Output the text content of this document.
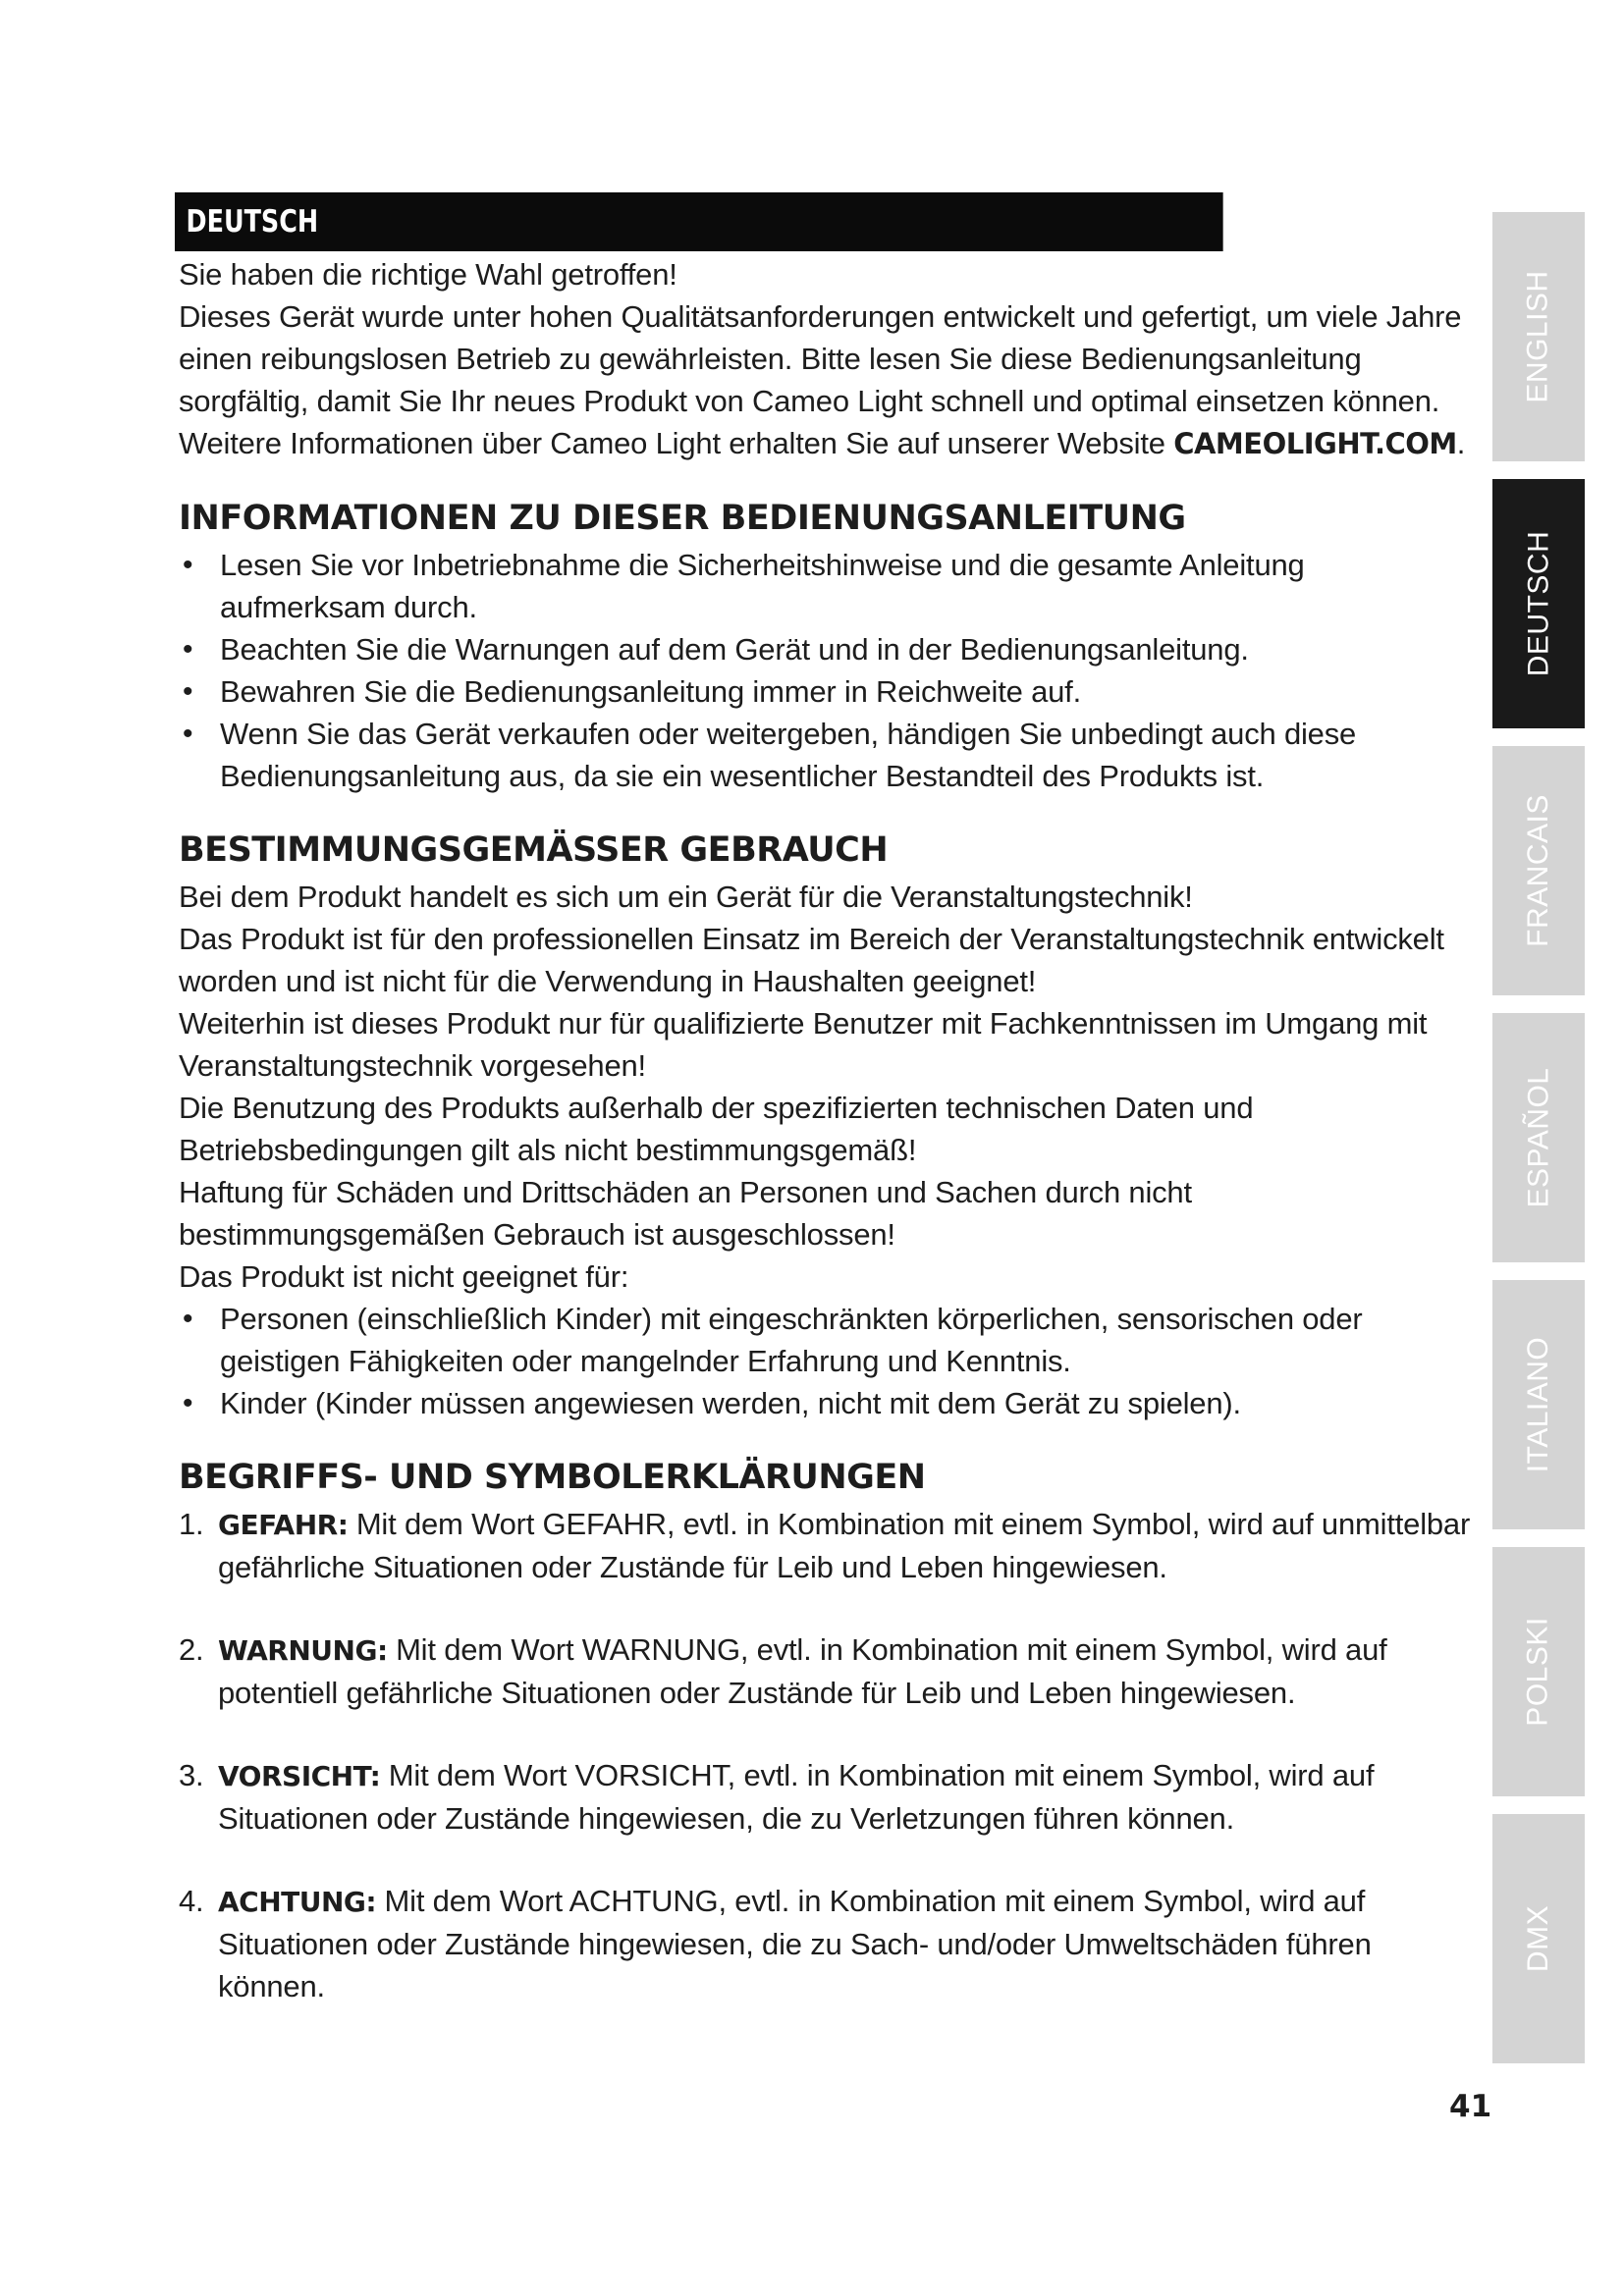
DEUTSCH

Sie haben die richtige Wahl getroffen!

Dieses Gerät wurde unter hohen Qualitätsanforderungen entwickelt und gefertigt, um viele Jahre einen reibungslosen Betrieb zu gewährleisten. Bitte lesen Sie diese Bedienungsanleitung sorgfältig, damit Sie Ihr neues Produkt von Cameo Light schnell und optimal einsetzen können. Weitere Informationen über Cameo Light erhalten Sie auf unserer Website CAMEOLIGHT.COM.

INFORMATIONEN ZU DIESER BEDIENUNGSANLEITUNG
• Lesen Sie vor Inbetriebnahme die Sicherheitshinweise und die gesamte Anleitung aufmerksam durch.
• Beachten Sie die Warnungen auf dem Gerät und in der Bedienungsanleitung.
• Bewahren Sie die Bedienungsanleitung immer in Reichweite auf.
• Wenn Sie das Gerät verkaufen oder weitergeben, händigen Sie unbedingt auch diese Bedienungsanleitung aus, da sie ein wesentlicher Bestandteil des Produkts ist.
BESTIMMUNGSGEMÄSSER GEBRAUCH

Bei dem Produkt handelt es sich um ein Gerät für die Veranstaltungstechnik!

Das Produkt ist für den professionellen Einsatz im Bereich der Veranstaltungstechnik entwickelt worden und ist nicht für die Verwendung in Haushalten geeignet!

Weiterhin ist dieses Produkt nur für qualifizierte Benutzer mit Fachkenntnissen im Umgang mit Veranstaltungstechnik vorgesehen!

Die Benutzung des Produkts außerhalb der spezifizierten technischen Daten und Betriebsbedingungen gilt als nicht bestimmungsgemäß!

Haftung für Schäden und Drittschäden an Personen und Sachen durch nicht bestimmungsgemäßen Gebrauch ist ausgeschlossen!

Das Produkt ist nicht geeignet für:

• Personen (einschließlich Kinder) mit eingeschränkten körperlichen, sensorischen oder geistigen Fähigkeiten oder mangelnder Erfahrung und Kenntnis.
• Kinder (Kinder müssen angewiesen werden, nicht mit dem Gerät zu spielen).
BEGRIFFS- UND SYMBOLERKLÄRUNGEN
1. GEFAHR: Mit dem Wort GEFAHR, evtl. in Kombination mit einem Symbol, wird auf unmittelbar gefährliche Situationen oder Zustände für Leib und Leben hingewiesen.
2. WARNUNG: Mit dem Wort WARNUNG, evtl. in Kombination mit einem Symbol, wird auf potentiell gefährliche Situationen oder Zustände für Leib und Leben hingewiesen.
3. VORSICHT: Mit dem Wort VORSICHT, evtl. in Kombination mit einem Symbol, wird auf Situationen oder Zustände hingewiesen, die zu Verletzungen führen können.
4. ACHTUNG: Mit dem Wort ACHTUNG, evtl. in Kombination mit einem Symbol, wird auf Situationen oder Zustände hingewiesen, die zu Sach- und/oder Umweltschäden führen können.
ENGLISH
DEUTSCH
FRANCAIS
ESPAÑOL
ITALIANO
POLSKI
DMX
41
